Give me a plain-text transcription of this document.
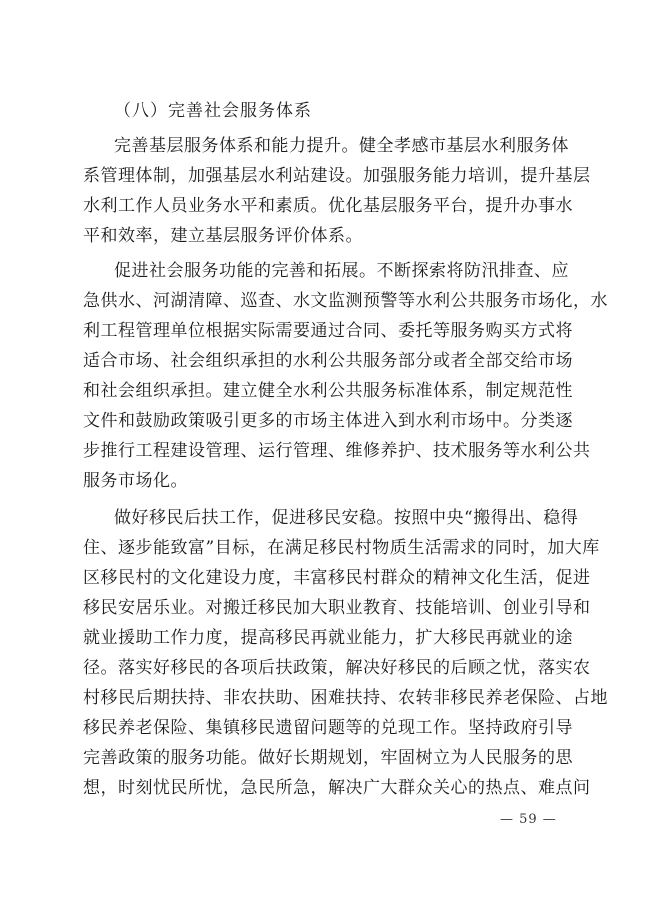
（八）完善社会服务体系
完善基层服务体系和能力提升。健全孝感市基层水利服务体
系管理体制，加强基层水利站建设。加强服务能力培训，提升基层
水利工作人员业务水平和素质。优化基层服务平台，提升办事水
平和效率，建立基层服务评价体系。
促进社会服务功能的完善和拓展。不断探索将防汛排查、应
急供水、河湖清障、巡查、水文监测预警等水利公共服务市场化，水
利工程管理单位根据实际需要通过合同、委托等服务购买方式将
适合市场、社会组织承担的水利公共服务部分或者全部交给市场
和社会组织承担。建立健全水利公共服务标准体系，制定规范性
文件和鼓励政策吸引更多的市场主体进入到水利市场中。分类逐
步推行工程建设管理、运行管理、维修养护、技术服务等水利公共
服务市场化。
做好移民后扶工作，促进移民安稳。按照中央“搬得出、稳得
住、逐步能致富”目标，在满足移民村物质生活需求的同时，加大库
区移民村的文化建设力度，丰富移民村群众的精神文化生活，促进
移民安居乐业。对搬迁移民加大职业教育、技能培训、创业引导和
就业援助工作力度，提高移民再就业能力，扩大移民再就业的途
径。落实好移民的各项后扶政策，解决好移民的后顾之忧，落实农
村移民后期扶持、非农扶助、困难扶持、农转非移民养老保险、占地
移民养老保险、集镇移民遗留问题等的兑现工作。坚持政府引导
完善政策的服务功能。做好长期规划，牢固树立为人民服务的思
想，时刻忧民所忧，急民所急，解决广大群众关心的热点、难点问
— 59 —
